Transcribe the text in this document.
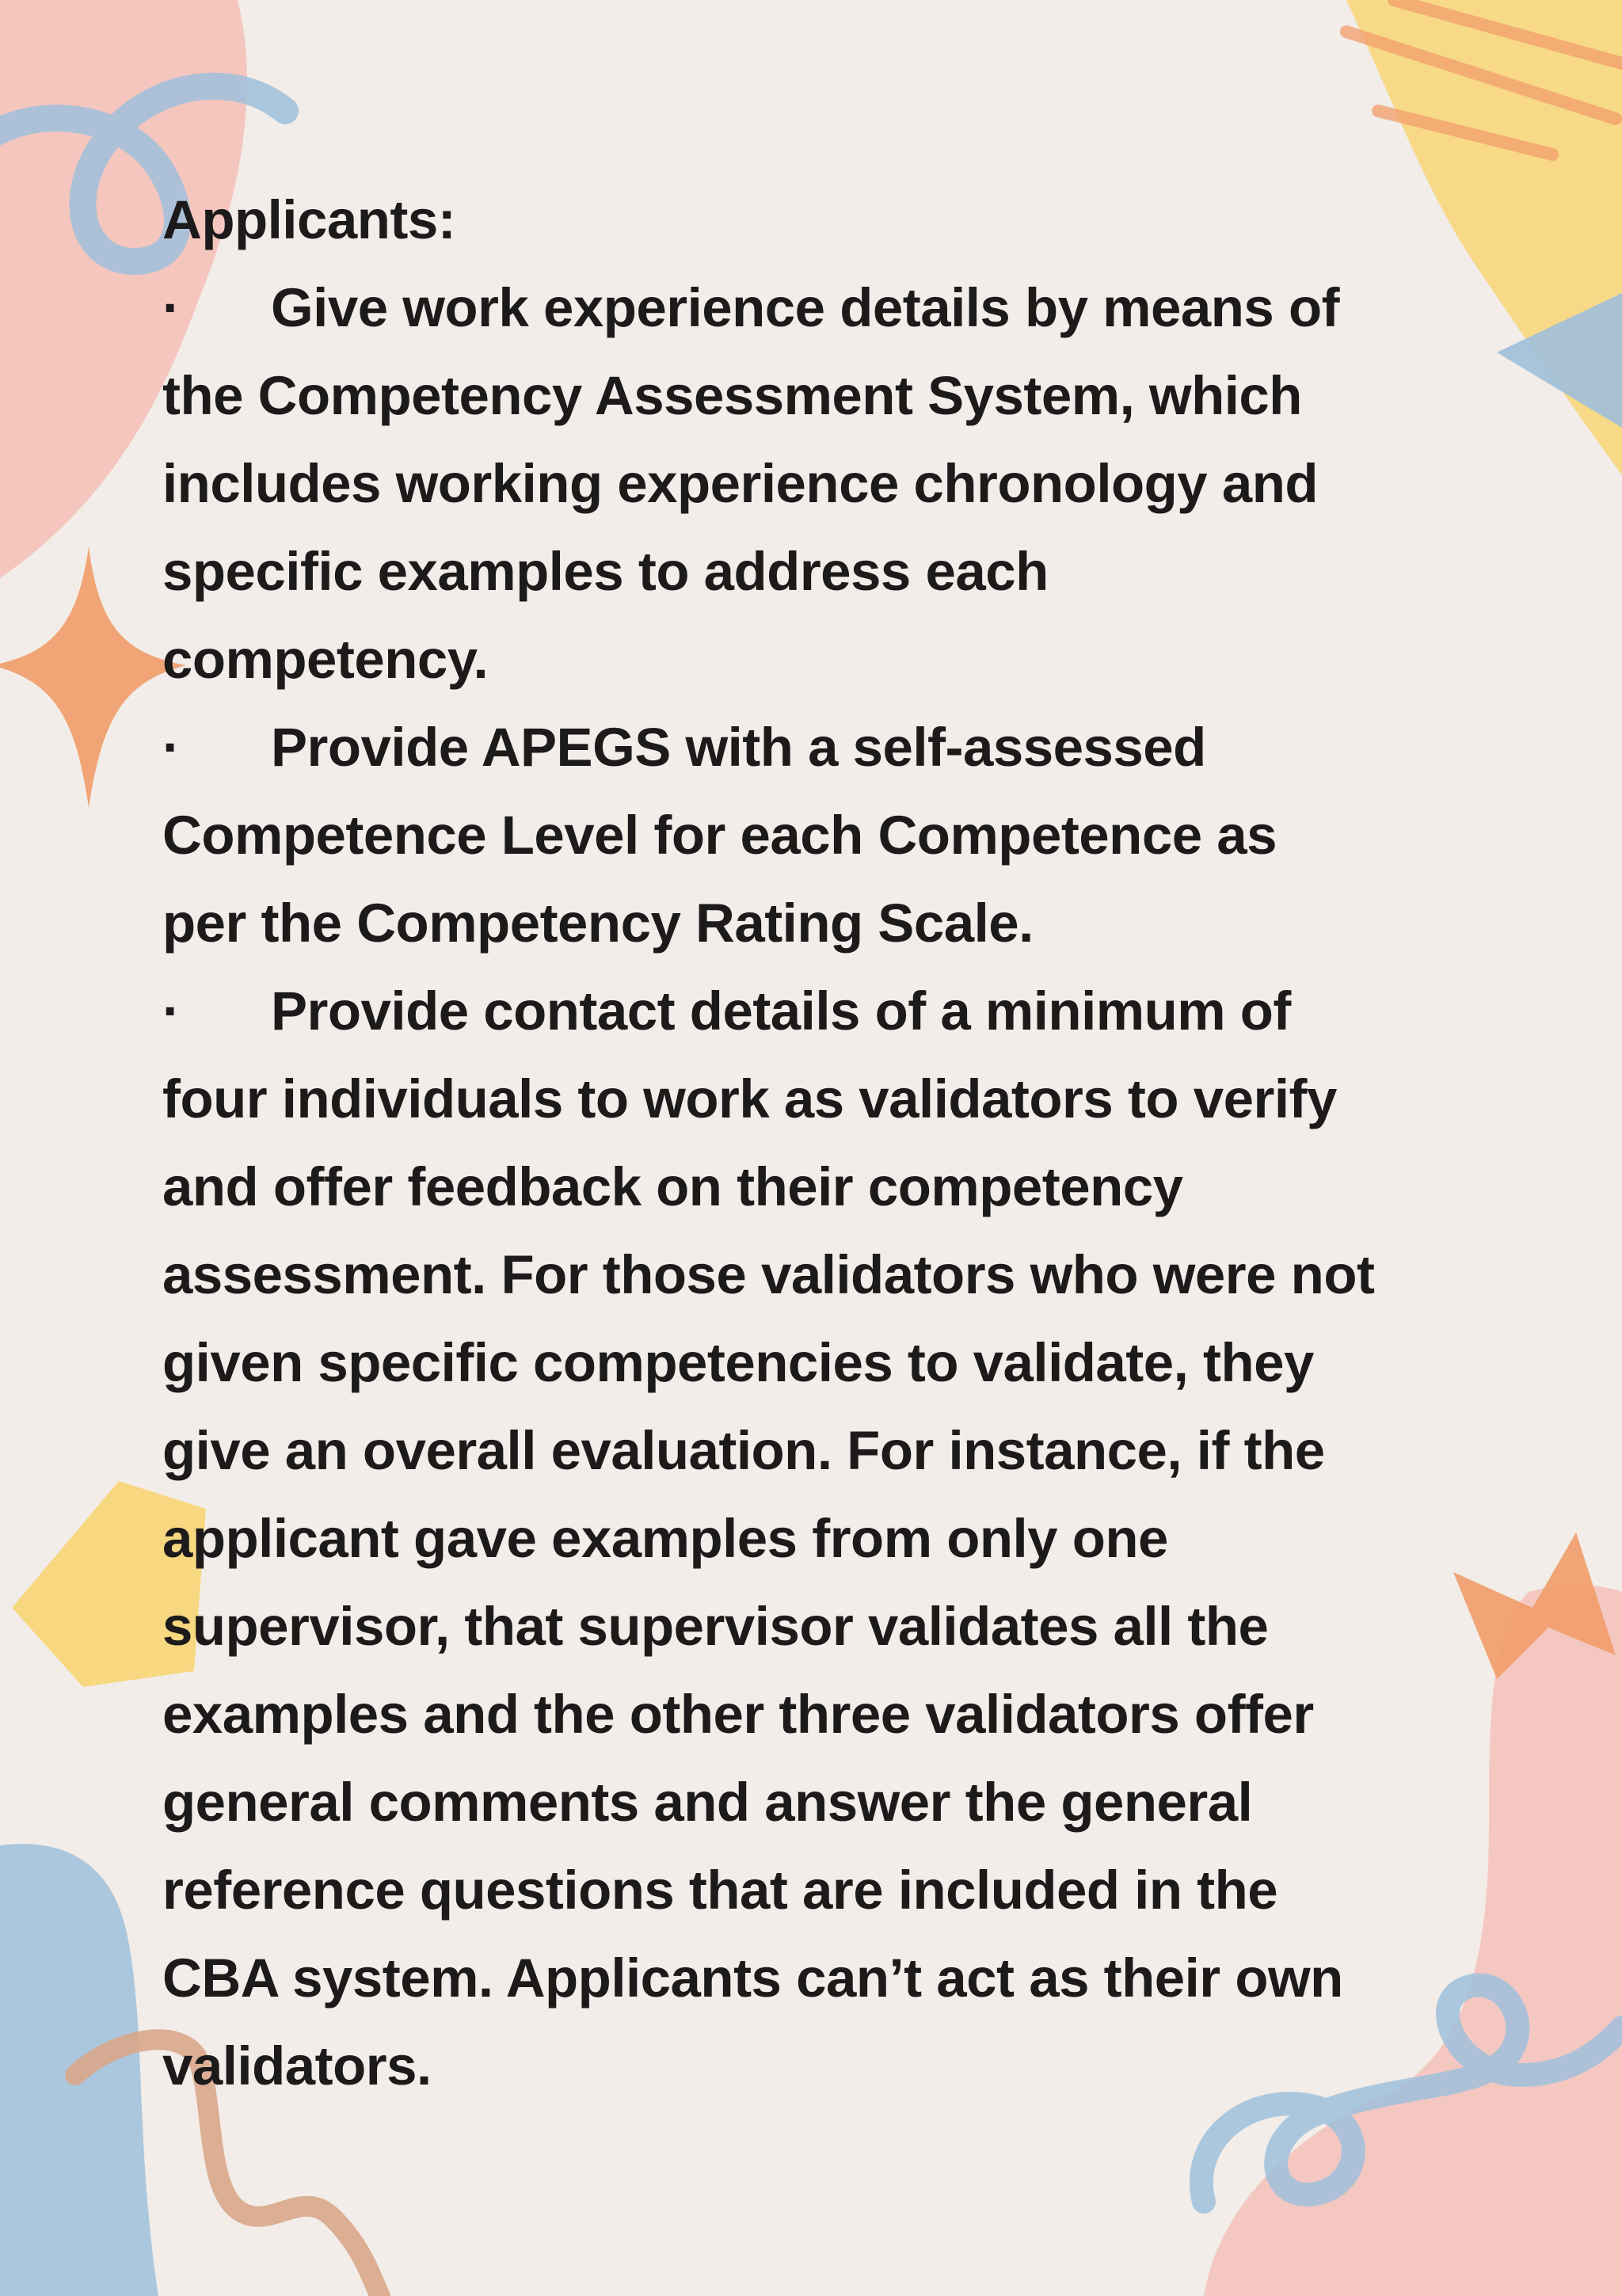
Applicants:
· Give work experience details by means of
the Competency Assessment System, which
includes working experience chronology and
specific examples to address each
competency.
· Provide APEGS with a self-assessed
Competence Level for each Competence as
per the Competency Rating Scale.
· Provide contact details of a minimum of
four individuals to work as validators to verify
and offer feedback on their competency
assessment. For those validators who were not
given specific competencies to validate, they
give an overall evaluation. For instance, if the
applicant gave examples from only one
supervisor, that supervisor validates all the
examples and the other three validators offer
general comments and answer the general
reference questions that are included in the
CBA system. Applicants can’t act as their own
validators.
